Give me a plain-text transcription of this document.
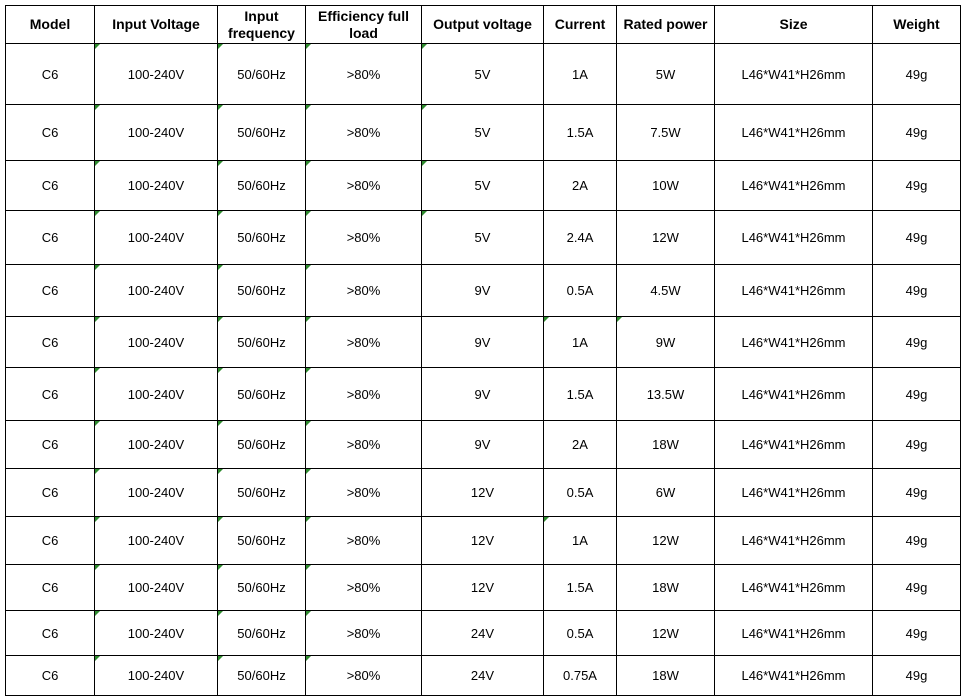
Model	Input Voltage	Input frequency	Efficiency full load	Output voltage	Current	Rated power	Size	Weight
C6	100-240V	50/60Hz	>80%	5V	1A	5W	L46*W41*H26mm	49g
C6	100-240V	50/60Hz	>80%	5V	1.5A	7.5W	L46*W41*H26mm	49g
C6	100-240V	50/60Hz	>80%	5V	2A	10W	L46*W41*H26mm	49g
C6	100-240V	50/60Hz	>80%	5V	2.4A	12W	L46*W41*H26mm	49g
C6	100-240V	50/60Hz	>80%	9V	0.5A	4.5W	L46*W41*H26mm	49g
C6	100-240V	50/60Hz	>80%	9V	1A	9W	L46*W41*H26mm	49g
C6	100-240V	50/60Hz	>80%	9V	1.5A	13.5W	L46*W41*H26mm	49g
C6	100-240V	50/60Hz	>80%	9V	2A	18W	L46*W41*H26mm	49g
C6	100-240V	50/60Hz	>80%	12V	0.5A	6W	L46*W41*H26mm	49g
C6	100-240V	50/60Hz	>80%	12V	1A	12W	L46*W41*H26mm	49g
C6	100-240V	50/60Hz	>80%	12V	1.5A	18W	L46*W41*H26mm	49g
C6	100-240V	50/60Hz	>80%	24V	0.5A	12W	L46*W41*H26mm	49g
C6	100-240V	50/60Hz	>80%	24V	0.75A	18W	L46*W41*H26mm	49g
